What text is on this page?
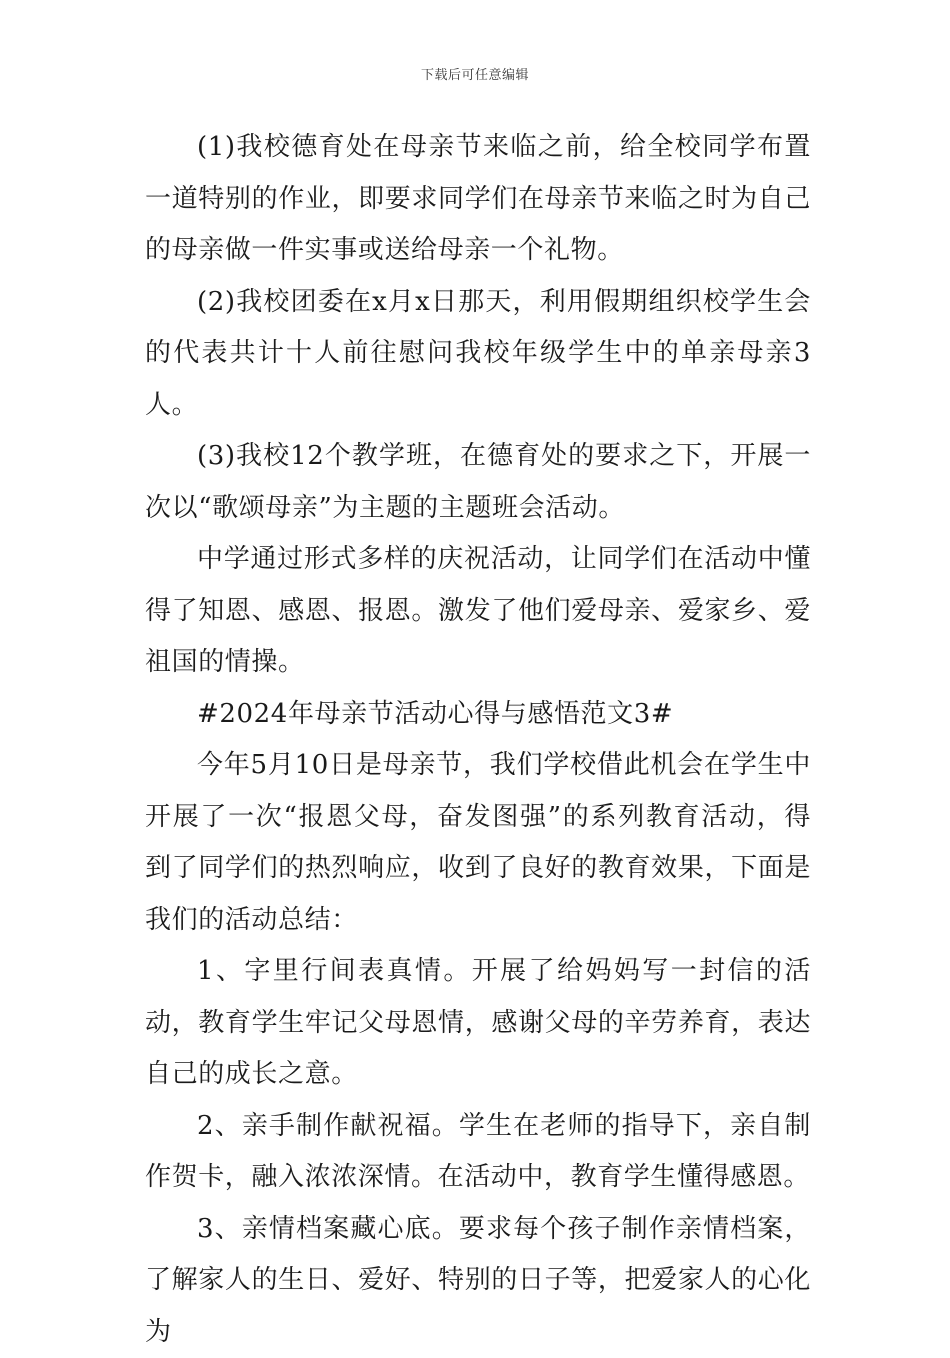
下载后可任意编辑

(1)我校德育处在母亲节来临之前，给全校同学布置一道特别的作业，即要求同学们在母亲节来临之时为自己的母亲做一件实事或送给母亲一个礼物。

(2)我校团委在x月x日那天，利用假期组织校学生会的代表共计十人前往慰问我校年级学生中的单亲母亲3人。

(3)我校12个教学班，在德育处的要求之下，开展一次以“歌颂母亲”为主题的主题班会活动。

中学通过形式多样的庆祝活动，让同学们在活动中懂得了知恩、感恩、报恩。激发了他们爱母亲、爱家乡、爱祖国的情操。

#2024年母亲节活动心得与感悟范文3#

今年5月10日是母亲节，我们学校借此机会在学生中开展了一次“报恩父母，奋发图强”的系列教育活动，得到了同学们的热烈响应，收到了良好的教育效果，下面是我们的活动总结：

1、字里行间表真情。开展了给妈妈写一封信的活动，教育学生牢记父母恩情，感谢父母的辛劳养育，表达自己的成长之意。

2、亲手制作献祝福。学生在老师的指导下，亲自制作贺卡，融入浓浓深情。在活动中，教育学生懂得感恩。

3、亲情档案藏心底。要求每个孩子制作亲情档案，了解家人的生日、爱好、特别的日子等，把爱家人的心化为
